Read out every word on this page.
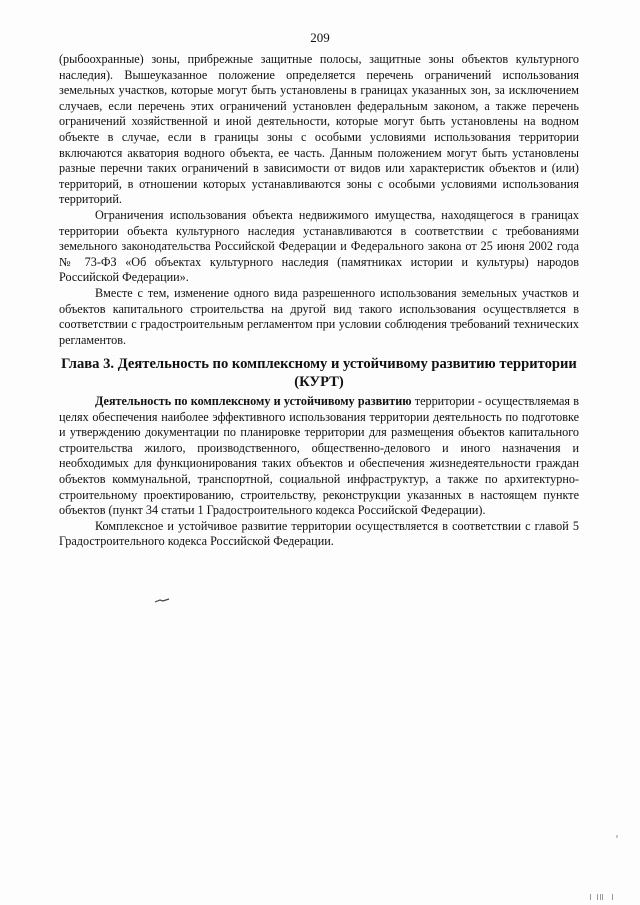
209

(рыбоохранные) зоны, прибрежные защитные полосы, защитные зоны объектов культурного наследия). Вышеуказанное положение определяется перечень ограничений использования земельных участков, которые могут быть установлены в границах указанных зон, за исключением случаев, если перечень этих ограничений установлен федеральным законом, а также перечень ограничений хозяйственной и иной деятельности, которые могут быть установлены на водном объекте в случае, если в границы зоны с особыми условиями использования территории включаются акватория водного объекта, ее часть. Данным положением могут быть установлены разные перечни таких ограничений в зависимости от видов или характеристик объектов и (или) территорий, в отношении которых устанавливаются зоны с особыми условиями использования территорий.

Ограничения использования объекта недвижимого имущества, находящегося в границах территории объекта культурного наследия устанавливаются в соответствии с требованиями земельного законодательства Российской Федерации и Федерального закона от 25 июня 2002 года № 73-ФЗ «Об объектах культурного наследия (памятниках истории и культуры) народов Российской Федерации».

Вместе с тем, изменение одного вида разрешенного использования земельных участков и объектов капитального строительства на другой вид такого использования осуществляется в соответствии с градостроительным регламентом при условии соблюдения требований технических регламентов.

Глава 3. Деятельность по комплексному и устойчивому развитию территории (КУРТ)

Деятельность по комплексному и устойчивому развитию территории - осуществляемая в целях обеспечения наиболее эффективного использования территории деятельность по подготовке и утверждению документации по планировке территории для размещения объектов капитального строительства жилого, производственного, общественно-делового и иного назначения и необходимых для функционирования таких объектов и обеспечения жизнедеятельности граждан объектов коммунальной, транспортной, социальной инфраструктур, а также по архитектурно-строительному проектированию, строительству, реконструкции указанных в настоящем пункте объектов (пункт 34 статьи 1 Градостроительного кодекса Российской Федерации).

Комплексное и устойчивое развитие территории осуществляется в соответствии с главой 5 Градостроительного кодекса Российской Федерации.
